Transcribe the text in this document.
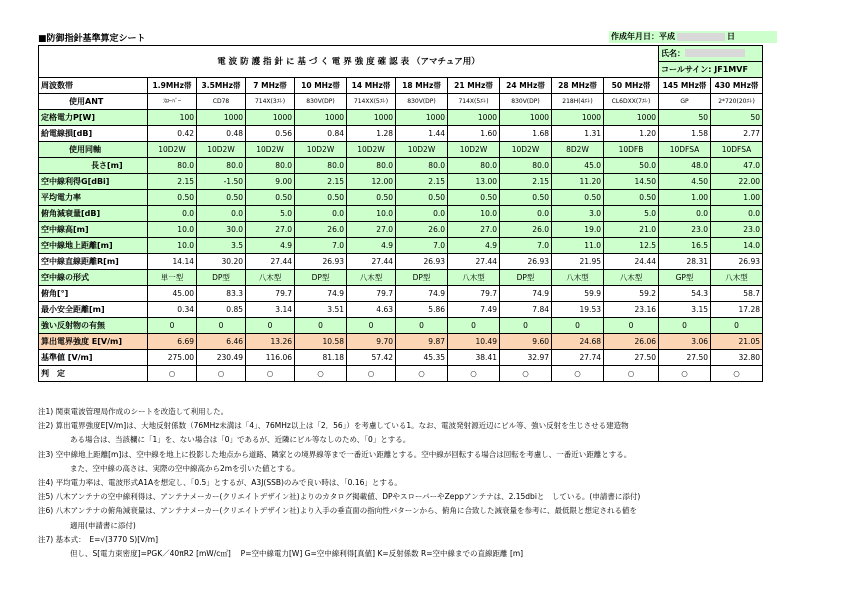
■防御指針基準算定シート	作成年月日：平成	日
電 波 防 護 指 針 に 基 づ く 電 界 強 度 確 認 表 （アマチュア用）											氏名：	
											コールサイン: JF1MVF	
周波数帯	1.9MHz帯	3.5MHz帯	7 MHz帯	10 MHz帯	14 MHz帯	18 MHz帯	21 MHz帯	24 MHz帯	28 MHz帯	50 MHz帯	145 MHz帯	430 MHz帯
使用ANT	ｽﾛｰﾊﾞｰ	CD78	714X(3ｴﾚ)	830V(DP)	714XX(5ｴﾚ)	830V(DP)	714X(5ｴﾚ)	830V(DP)	218H(4ｴﾚ)	CL6DXX(7ｴﾚ)	GP	2*720(20ｴﾚ)
定格電力P[W]	100	1000	1000	1000	1000	1000	1000	1000	1000	1000	50	50
給電線損[dB]	0.42	0.48	0.56	0.84	1.28	1.44	1.60	1.68	1.31	1.20	1.58	2.77
使用同軸	10D2W	10D2W	10D2W	10D2W	10D2W	10D2W	10D2W	10D2W	8D2W	10DFB	10DFSA	10DFSA
長さ[m]	80.0	80.0	80.0	80.0	80.0	80.0	80.0	80.0	45.0	50.0	48.0	47.0
空中線利得G[dBi]	2.15	-1.50	9.00	2.15	12.00	2.15	13.00	2.15	11.20	14.50	4.50	22.00
平均電力率	0.50	0.50	0.50	0.50	0.50	0.50	0.50	0.50	0.50	0.50	1.00	1.00
俯角減衰量[dB]	0.0	0.0	5.0	0.0	10.0	0.0	10.0	0.0	3.0	5.0	0.0	0.0
空中線高[m]	10.0	30.0	27.0	26.0	27.0	26.0	27.0	26.0	19.0	21.0	23.0	23.0
空中線地上距離[m]	10.0	3.5	4.9	7.0	4.9	7.0	4.9	7.0	11.0	12.5	16.5	14.0
空中線直線距離R[m]	14.14	30.20	27.44	26.93	27.44	26.93	27.44	26.93	21.95	24.44	28.31	26.93
空中線の形式	単一型	DP型	八木型	DP型	八木型	DP型	八木型	DP型	八木型	八木型	GP型	八木型
俯角[°]	45.00	83.3	79.7	74.9	79.7	74.9	79.7	74.9	59.9	59.2	54.3	58.7
最小安全距離[m]	0.34	0.85	3.14	3.51	4.63	5.86	7.49	7.84	19.53	23.16	3.15	17.28
強い反射物の有無	0	0	0	0	0	0	0	0	0	0	0	0
算出電界強度 E[V/m]	6.69	6.46	13.26	10.58	9.70	9.87	10.49	9.60	24.68	26.06	3.06	21.05
基準値 [V/m]	275.00	230.49	116.06	81.18	57.42	45.35	38.41	32.97	27.74	27.50	27.50	32.80
判　定	○	○	○	○	○	○	○	○	○	○	○	○
注1) 関東電波管理局作成のシートを改造して利用した。
注2) 算出電界強度E[V/m]は、大地反射係数（76MHz未満は「4」、76MHz以上は「2．56」）を考慮している1。なお、電波発射源近辺にビル等、強い反射を生じさせる建造物
ある場合は、当該欄に「1」を、ない場合は「0」であるが、近隣にビル等なしのため、「0」とする。
注3) 空中線地上距離[m]は、空中線を地上に投影した地点から道路、隣家との境界線等まで一番近い距離とする。空中線が回転する場合は回転を考慮し、一番近い距離とする。
また、空中線の高さは、実際の空中線高から2mを引いた値とする。
注4) 平均電力率は、電波形式A1Aを想定し、「0.5」とするが、A3J(SSB)のみで良い時は、「0.16」とする。
注5) 八木アンテナの空中線利得は、アンテナメーカー(クリエイトデザイン社)よりのカタログ掲載値、DPやスローパーやZeppアンテナは、2.15dbiと　している。(申請書に添付)
注6) 八木アンテナの俯角減衰量は、アンテナメーカー(クリエイトデザイン社)より入手の垂直面の指向性パターンから、俯角に合致した減衰量を参考に、最低限と想定される値を
適用(申請書に添付)
注7) 基本式：　E=√(3770 S)[V/m]
但し、S[電力束密度]=PGK／40πR2 [mW/c㎡]　 P=空中線電力[W] G=空中線利得[真値] K=反射係数 R=空中線までの直線距離 [m]
